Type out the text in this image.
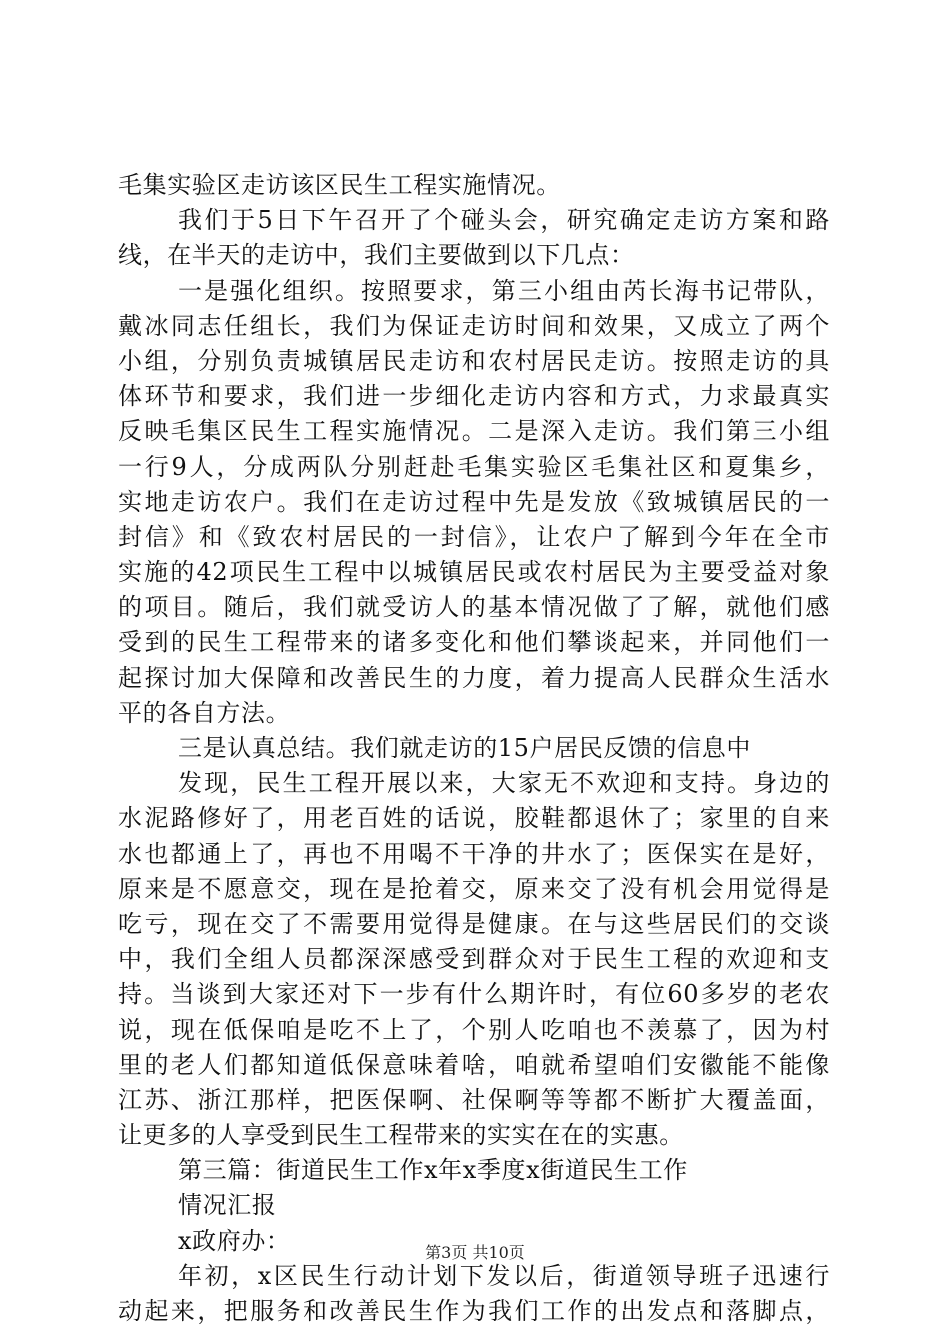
毛集实验区走访该区民生工程实施情况。
我们于5日下午召开了个碰头会，研究确定走访方案和路
线，在半天的走访中，我们主要做到以下几点：
一是强化组织。按照要求，第三小组由芮长海书记带队，
戴冰同志任组长，我们为保证走访时间和效果，又成立了两个
小组，分别负责城镇居民走访和农村居民走访。按照走访的具
体环节和要求，我们进一步细化走访内容和方式，力求最真实
反映毛集区民生工程实施情况。二是深入走访。我们第三小组
一行9人，分成两队分别赶赴毛集实验区毛集社区和夏集乡，
实地走访农户。我们在走访过程中先是发放《致城镇居民的一
封信》和《致农村居民的一封信》，让农户了解到今年在全市
实施的42项民生工程中以城镇居民或农村居民为主要受益对象
的项目。随后，我们就受访人的基本情况做了了解，就他们感
受到的民生工程带来的诸多变化和他们攀谈起来，并同他们一
起探讨加大保障和改善民生的力度，着力提高人民群众生活水
平的各自方法。
三是认真总结。我们就走访的15户居民反馈的信息中
发现，民生工程开展以来，大家无不欢迎和支持。身边的
水泥路修好了，用老百姓的话说，胶鞋都退休了；家里的自来
水也都通上了，再也不用喝不干净的井水了；医保实在是好，
原来是不愿意交，现在是抢着交，原来交了没有机会用觉得是
吃亏，现在交了不需要用觉得是健康。在与这些居民们的交谈
中，我们全组人员都深深感受到群众对于民生工程的欢迎和支
持。当谈到大家还对下一步有什么期许时，有位60多岁的老农
说，现在低保咱是吃不上了，个别人吃咱也不羡慕了，因为村
里的老人们都知道低保意味着啥，咱就希望咱们安徽能不能像
江苏、浙江那样，把医保啊、社保啊等等都不断扩大覆盖面，
让更多的人享受到民生工程带来的实实在在的实惠。
第三篇：街道民生工作x年x季度x街道民生工作
情况汇报
x政府办：
年初，x区民生行动计划下发以后，街道领导班子迅速行
动起来，把服务和改善民生作为我们工作的出发点和落脚点，
第3页 共10页
